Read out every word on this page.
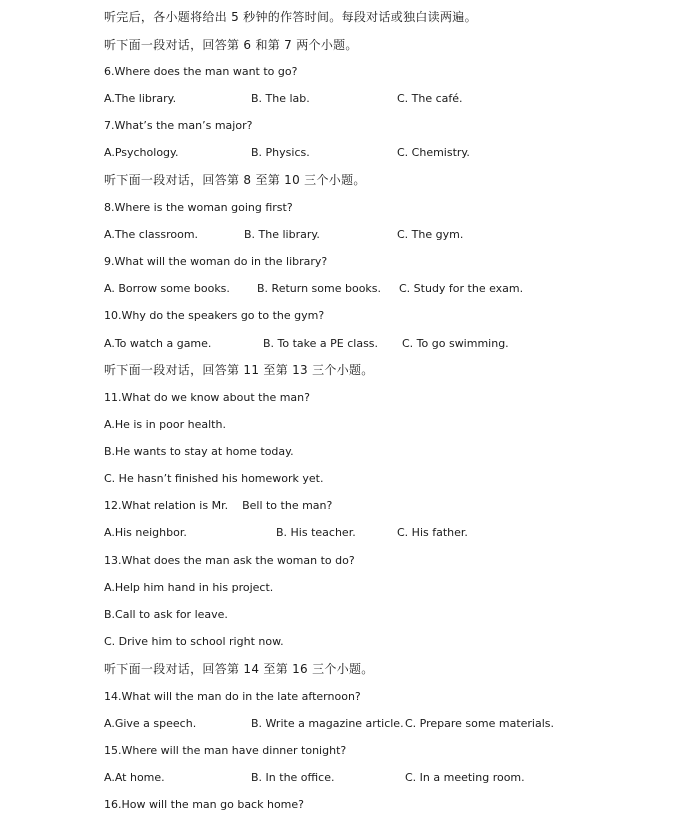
听完后，各小题将给出 5 秒钟的作答时间。每段对话或独白读两遍。
听下面一段对话，回答第 6 和第 7 两个小题。
6.Where does the man want to go?
A.The library.	B. The lab.	C. The café.
7.What’s the man’s major?
A.Psychology.	B. Physics.	C. Chemistry.
听下面一段对话，回答第 8 至第 10 三个小题。
8.Where is the woman going first?
A.The classroom.	B. The library.	C. The gym.
9.What will the woman do in the library?
A. Borrow some books. B. Return some books. C. Study for the exam.
10.Why do the speakers go to the gym?
A.To watch a game.	B. To take a PE class. C. To go swimming.
听下面一段对话，回答第 11 至第 13 三个小题。
11.What do we know about the man?
A.He is in poor health.
B.He wants to stay at home today.
C. He hasn’t finished his homework yet.
12.What relation is Mr.    Bell to the man?
A.His neighbor.	B. His teacher.	C. His father.
13.What does the man ask the woman to do?
A.Help him hand in his project.
B.Call to ask for leave.
C. Drive him to school right now.
听下面一段对话，回答第 14 至第 16 三个小题。
14.What will the man do in the late afternoon?
A.Give a speech.	B. Write a magazine article. C. Prepare some materials.
15.Where will the man have dinner tonight?
A.At home.	B. In the office.	C. In a meeting room.
16.How will the man go back home?
